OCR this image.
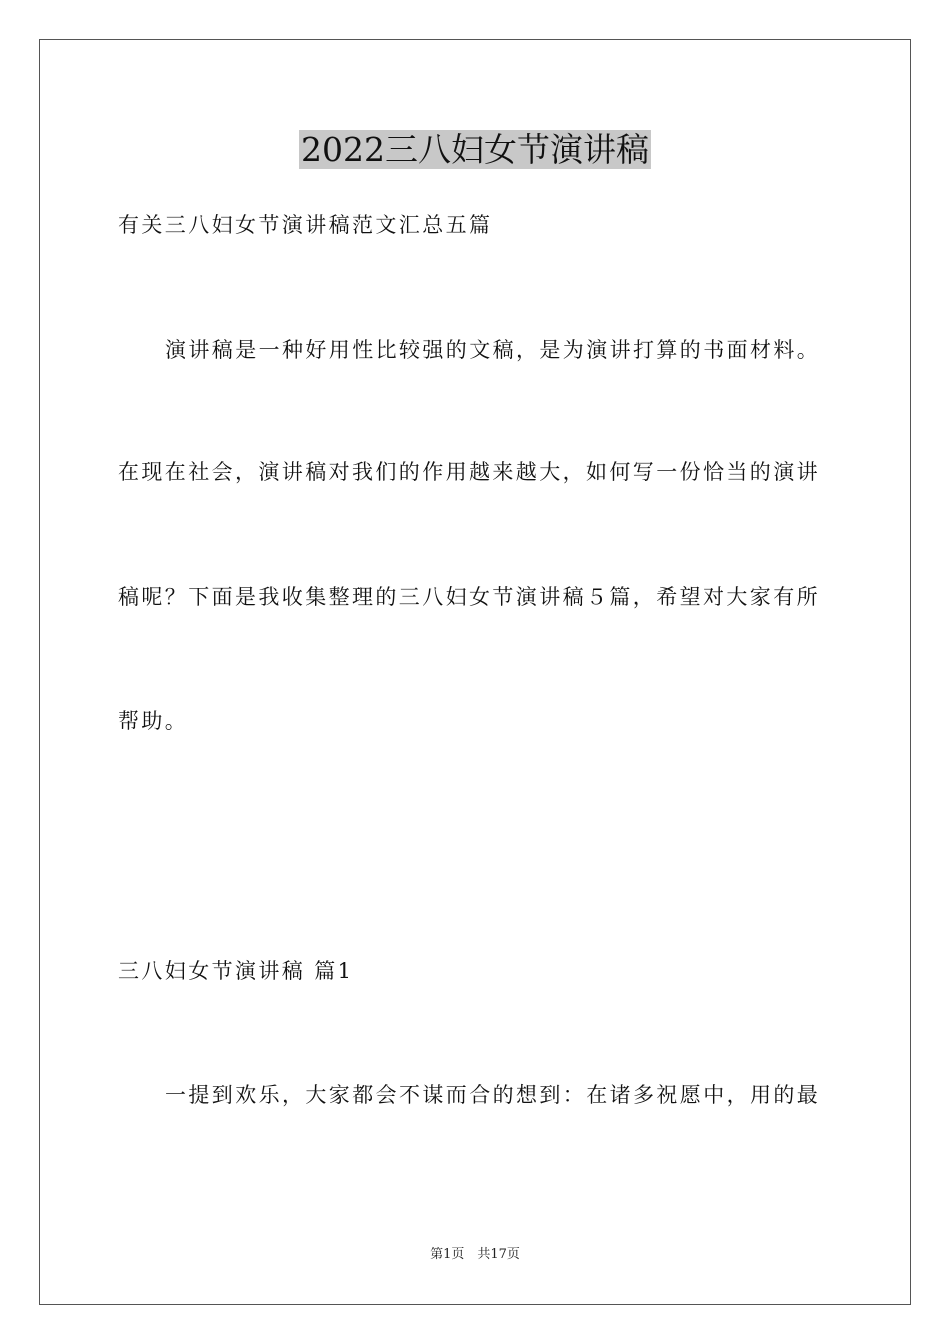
2022三八妇女节演讲稿
有关三八妇女节演讲稿范文汇总五篇
演讲稿是一种好用性比较强的文稿，是为演讲打算的书面材料。
在现在社会，演讲稿对我们的作用越来越大，如何写一份恰当的演讲
稿呢？下面是我收集整理的三八妇女节演讲稿５篇，希望对大家有所
帮助。
三八妇女节演讲稿 篇1
一提到欢乐，大家都会不谋而合的想到：在诸多祝愿中，用的最
第1页　共17页
